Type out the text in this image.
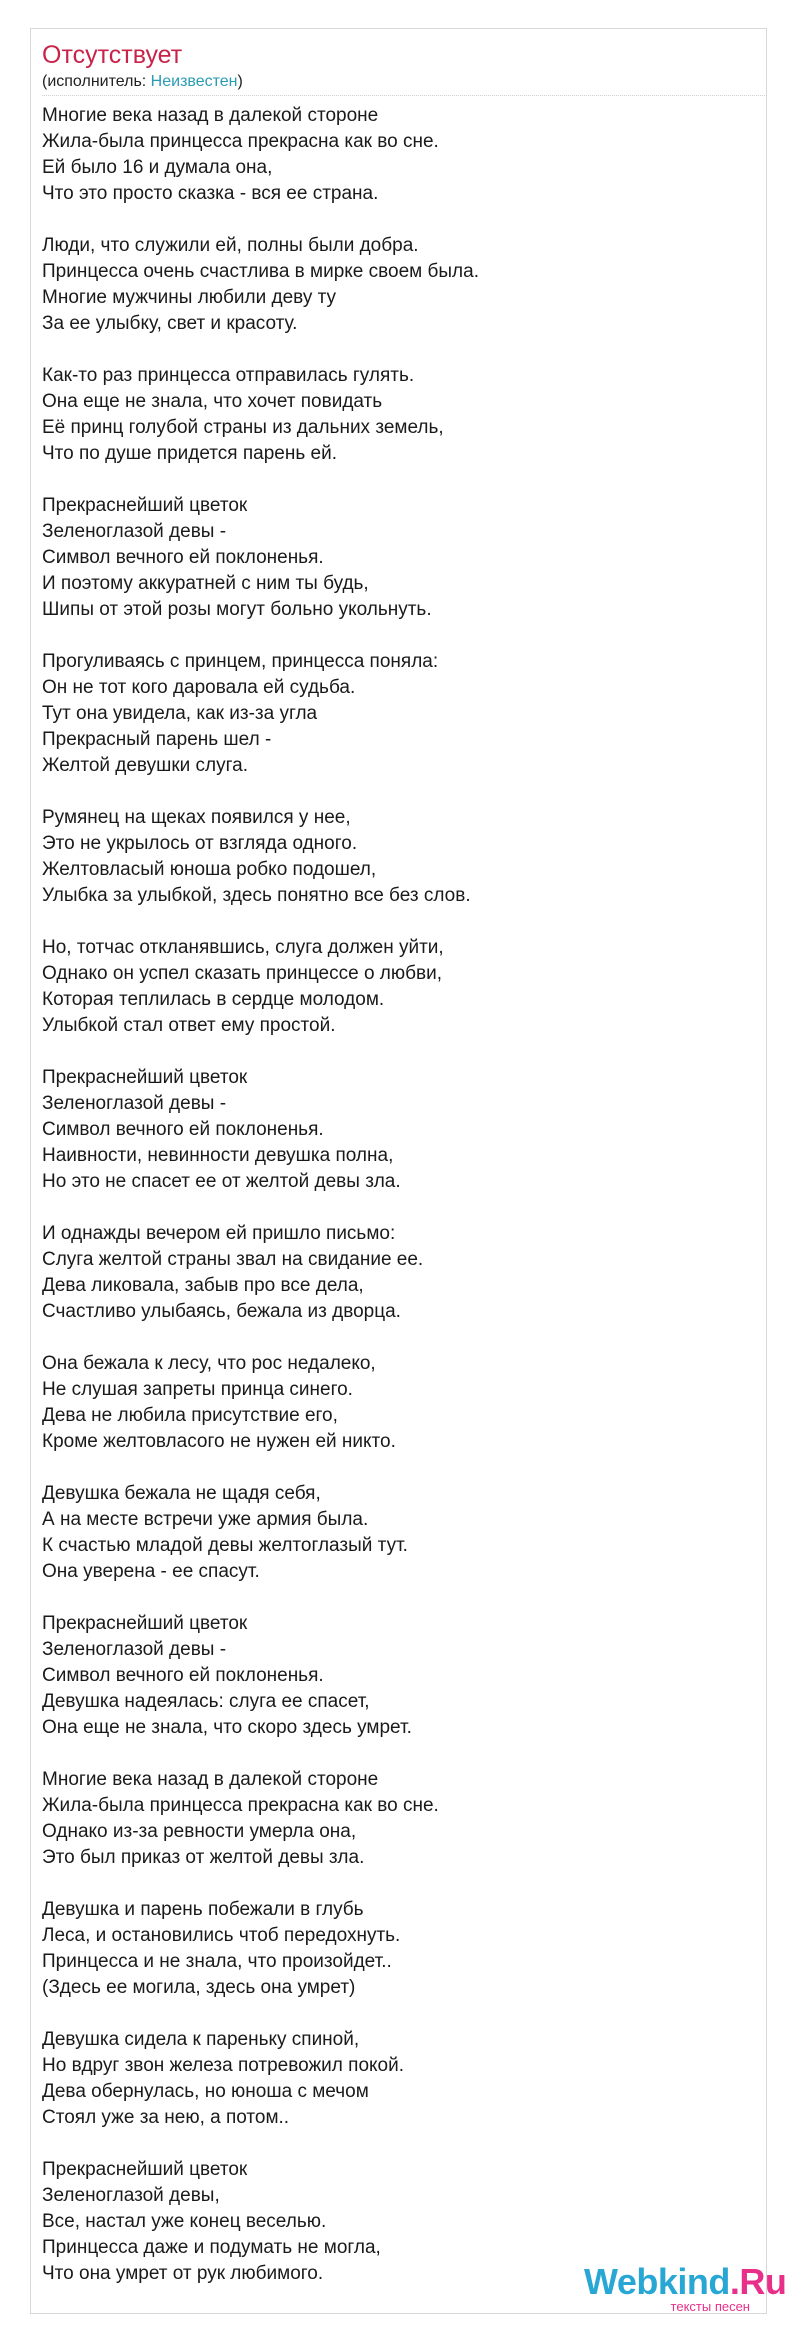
Отсутствует
(исполнитель: Неизвестен)
Многие века назад в далекой стороне
Жила-была принцесса прекрасна как во сне.
Ей было 16 и думала она,
Что это просто сказка - вся ее страна.
Люди, что служили ей, полны были добра.
Принцесса очень счастлива в мирке своем была.
Многие мужчины любили деву ту
За ее улыбку, свет и красоту.
Как-то раз принцесса отправилась гулять.
Она еще не знала, что хочет повидать
Её принц голубой страны из дальних земель,
Что по душе придется парень ей.
Прекраснейший цветок
Зеленоглазой девы -
Символ вечного ей поклоненья.
И поэтому аккуратней с ним ты будь,
Шипы от этой розы могут больно укольнуть.
Прогуливаясь с принцем, принцесса поняла:
Он не тот кого даровала ей судьба.
Тут она увидела, как из-за угла
Прекрасный парень шел -
Желтой девушки слуга.
Румянец на щеках появился у нее,
Это не укрылось от взгляда одного.
Желтовласый юноша робко подошел,
Улыбка за улыбкой, здесь понятно все без слов.
Но, тотчас откланявшись, слуга должен уйти,
Однако он успел сказать принцессе о любви,
Которая теплилась в сердце молодом.
Улыбкой стал ответ ему простой.
Прекраснейший цветок
Зеленоглазой девы -
Символ вечного ей поклоненья.
Наивности, невинности девушка полна,
Но это не спасет ее от желтой девы зла.
И однажды вечером ей пришло письмо:
Слуга желтой страны звал на свидание ее.
Дева ликовала, забыв про все дела,
Счастливо улыбаясь, бежала из дворца.
Она бежала к лесу, что рос недалеко,
Не слушая запреты принца синего.
Дева не любила присутствие его,
Кроме желтовласого не нужен ей никто.
Девушка бежала не щадя себя,
А на месте встречи уже армия была.
К счастью младой девы желтоглазый тут.
Она уверена - ее спасут.
Прекраснейший цветок
Зеленоглазой девы -
Символ вечного ей поклоненья.
Девушка надеялась: слуга ее спасет,
Она еще не знала, что скоро здесь умрет.
Многие века назад в далекой стороне
Жила-была принцесса прекрасна как во сне.
Однако из-за ревности умерла она,
Это был приказ от желтой девы зла.
Девушка и парень побежали в глубь
Леса, и остановились чтоб передохнуть.
Принцесса и не знала, что произойдет..
(Здесь ее могила, здесь она умрет)
Девушка сидела к пареньку спиной,
Но вдруг звон железа потревожил покой.
Дева обернулась, но юноша с мечом
Стоял уже за нею, а потом..
Прекраснейший цветок
Зеленоглазой девы,
Все, настал уже конец веселью.
Принцесса даже и подумать не могла,
Что она умрет от рук любимого.	Webkind.Ru
тексты песен
